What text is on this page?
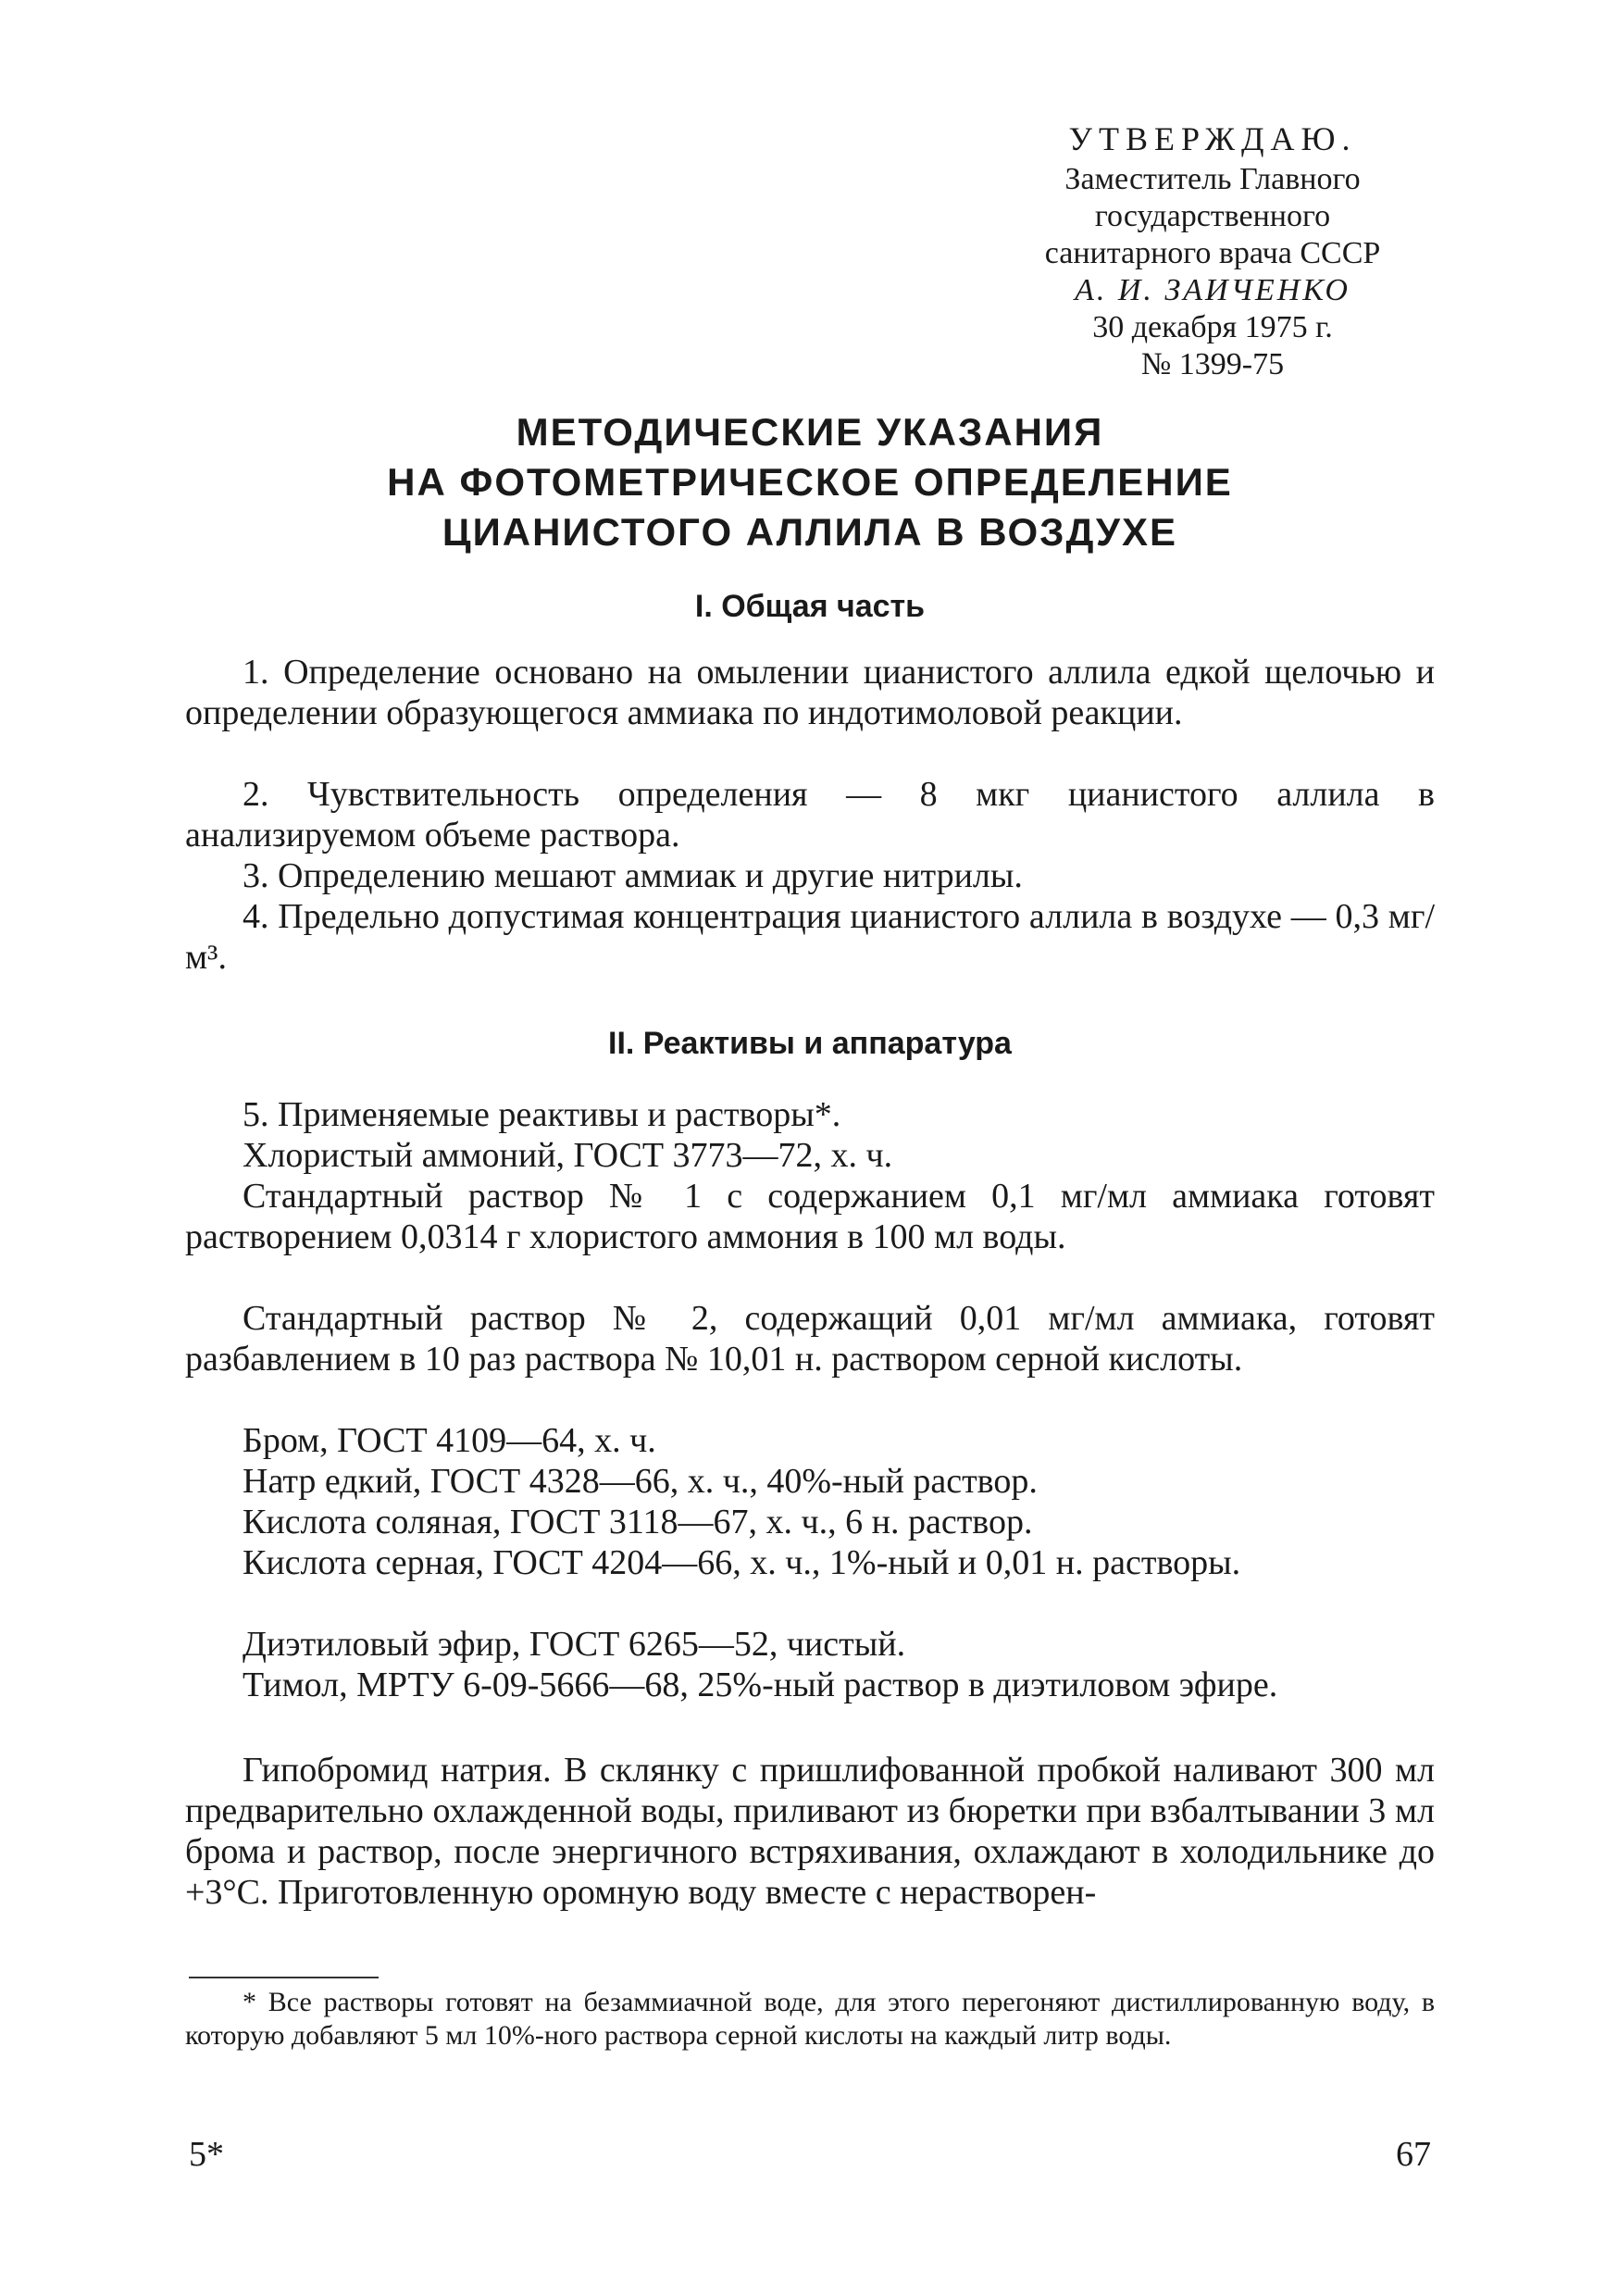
УТВЕРЖДАЮ.
Заместитель Главного
государственного
санитарного врача СССР
А. И. ЗАИЧЕНКО
30 декабря 1975 г.
№ 1399-75
МЕТОДИЧЕСКИЕ УКАЗАНИЯ
НА ФОТОМЕТРИЧЕСКОЕ ОПРЕДЕЛЕНИЕ
ЦИАНИСТОГО АЛЛИЛА В ВОЗДУХЕ
I. Общая часть

1. Определение основано на омылении цианистого аллила едкой щелочью и определении образующегося аммиака по индотимоловой реакции.

2. Чувствительность определения — 8 мкг цианистого аллила в анализируемом объеме раствора.

3. Определению мешают аммиак и другие нитрилы.

4. Предельно допустимая концентрация цианистого аллила в воздухе — 0,3 мг/м³.

II. Реактивы и аппаратура

5. Применяемые реактивы и растворы*.

Хлористый аммоний, ГОСТ 3773—72, х. ч.

Стандартный раствор № 1 с содержанием 0,1 мг/мл аммиака готовят растворением 0,0314 г хлористого аммония в 100 мл воды.

Стандартный раствор № 2, содержащий 0,01 мг/мл аммиака, готовят разбавлением в 10 раз раствора № 10,01 н. раствором серной кислоты.

Бром, ГОСТ 4109—64, х. ч.

Натр едкий, ГОСТ 4328—66, х. ч., 40%-ный раствор.

Кислота соляная, ГОСТ 3118—67, х. ч., 6 н. раствор.

Кислота серная, ГОСТ 4204—66, х. ч., 1%-ный и 0,01 н. растворы.

Диэтиловый эфир, ГОСТ 6265—52, чистый.

Тимол, МРТУ 6-09-5666—68, 25%-ный раствор в диэтиловом эфире.

Гипобромид натрия. В склянку с пришлифованной пробкой наливают 300 мл предварительно охлажденной воды, приливают из бюретки при взбалтывании 3 мл брома и раствор, после энергичного встряхивания, охлаждают в холодильнике до +3°C. Приготовленную оромную воду вместе с нерастворен-

* Все растворы готовят на безаммиачной воде, для этого перегоняют дистиллированную воду, в которую добавляют 5 мл 10%-ного раствора серной кислоты на каждый литр воды.
5*	67
